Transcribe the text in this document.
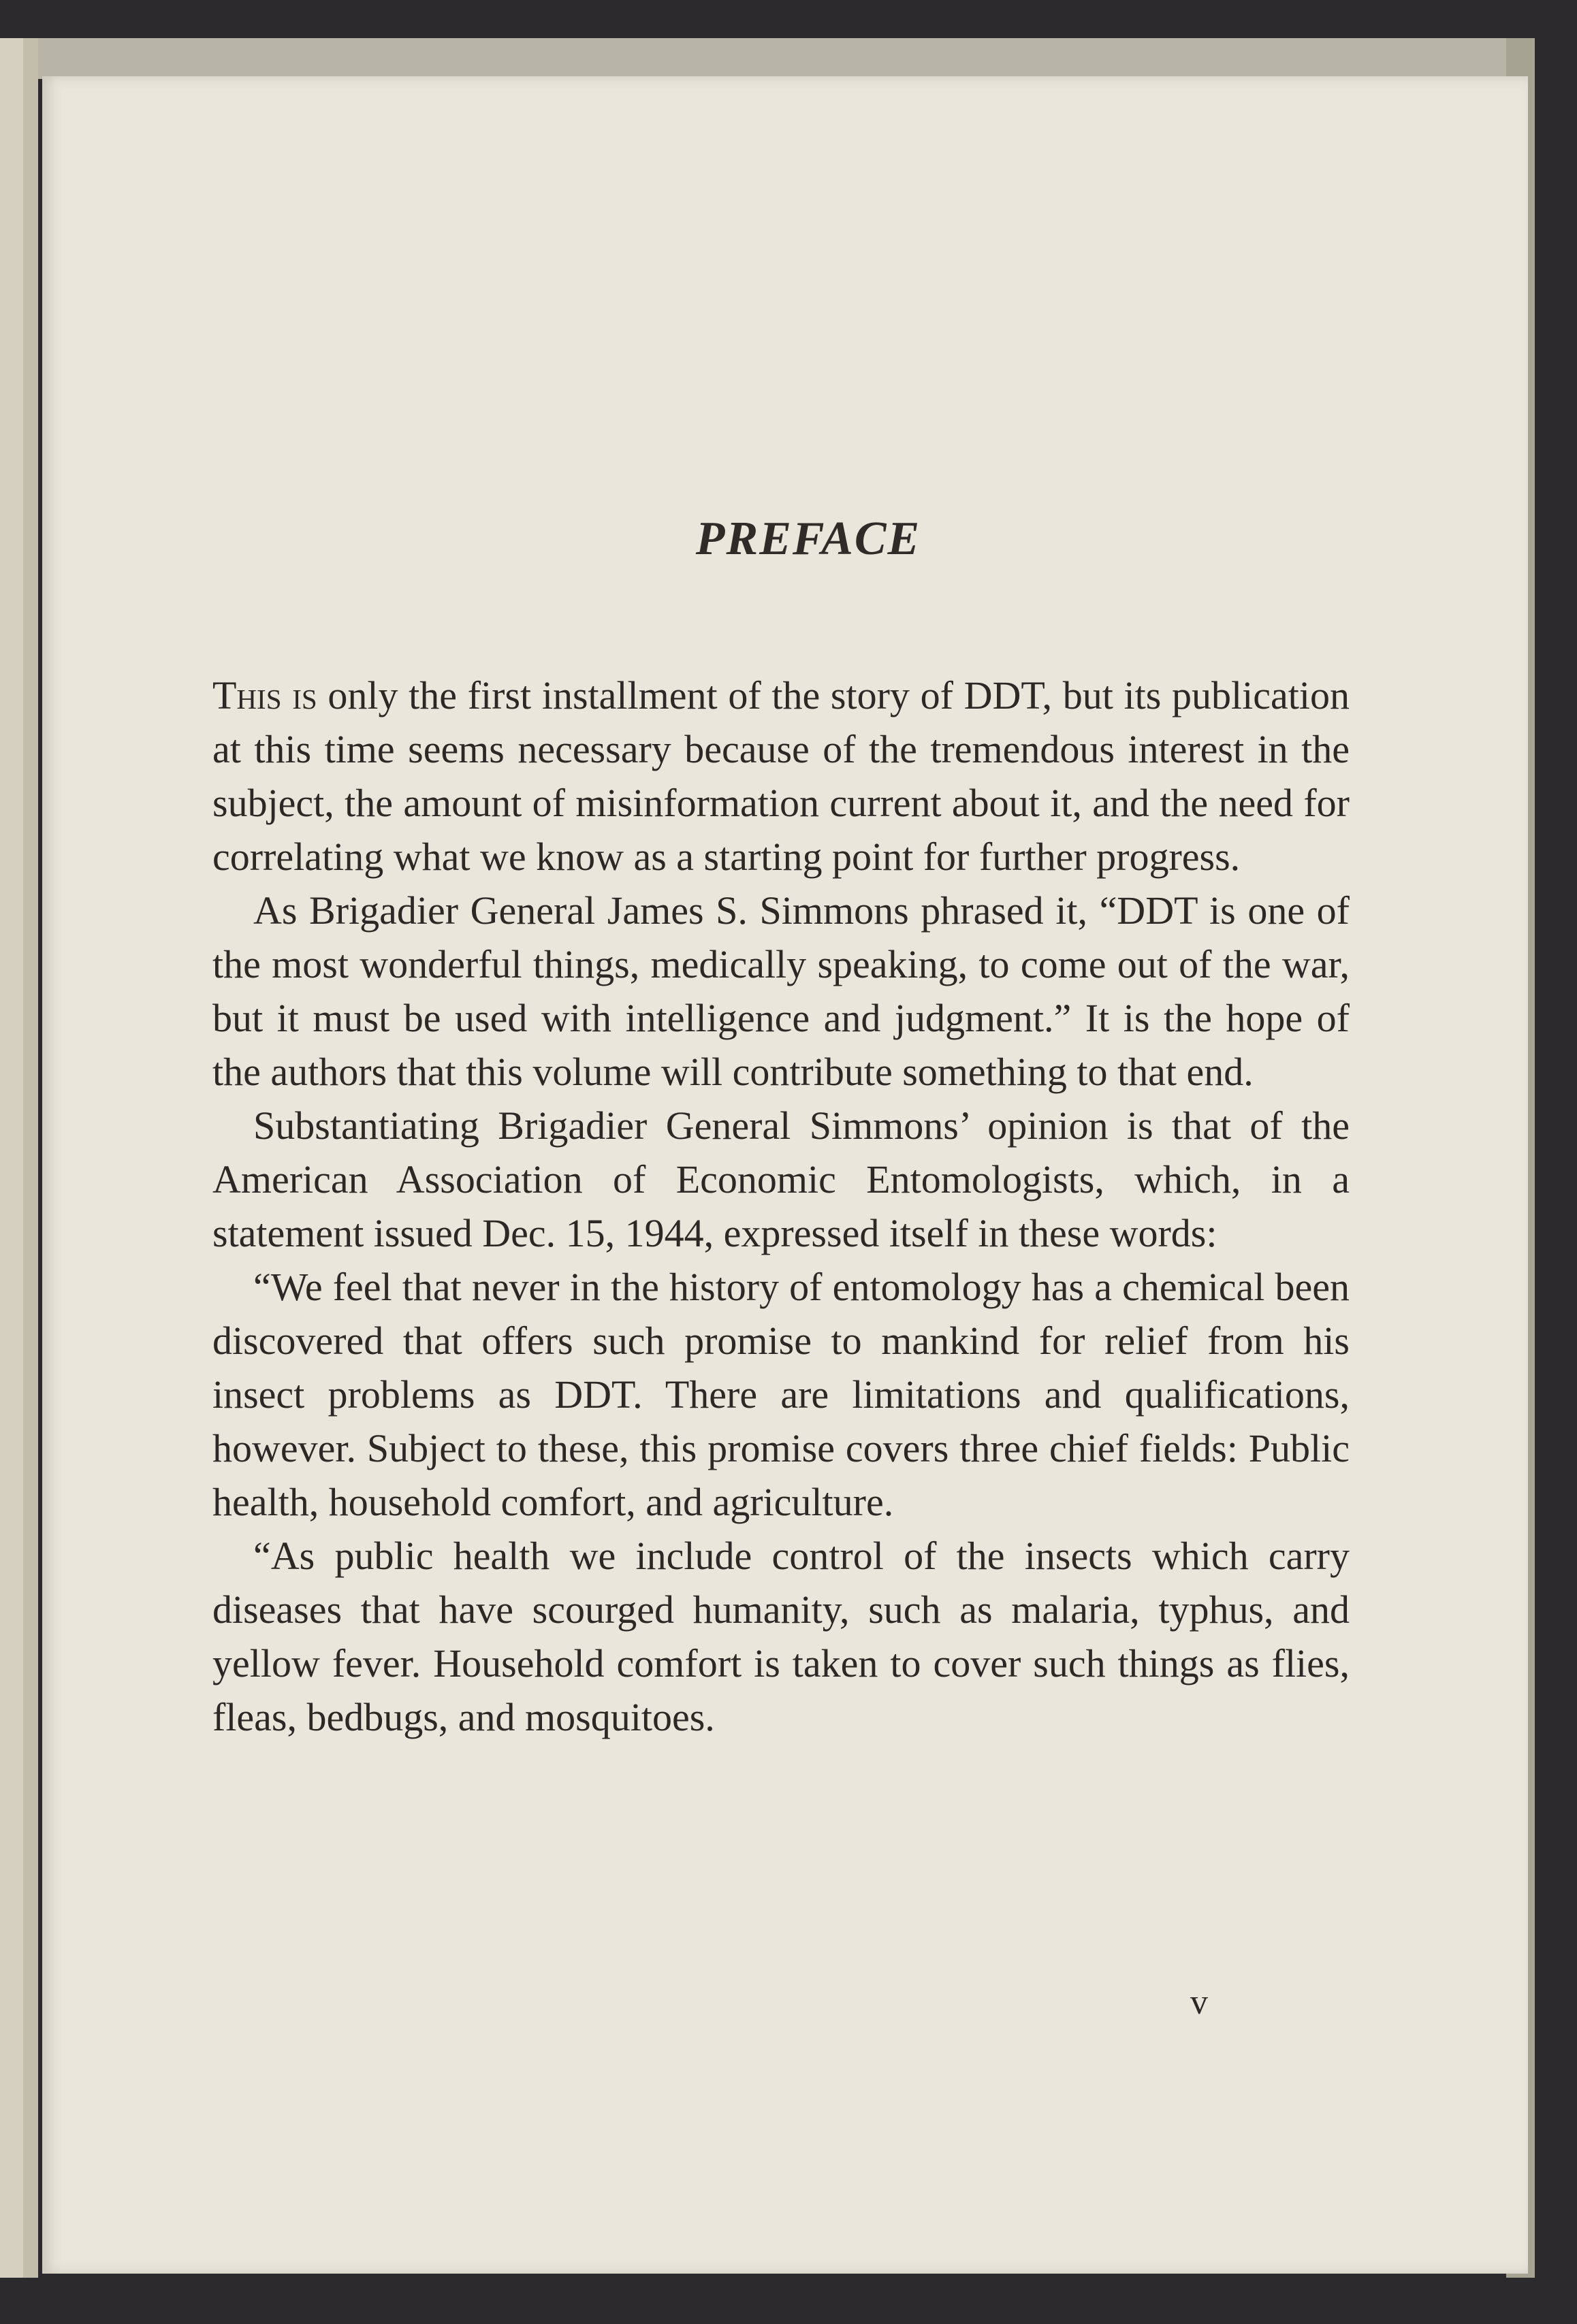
PREFACE

This is only the first installment of the story of DDT, but its publication at this time seems necessary because of the tremendous interest in the subject, the amount of misinformation current about it, and the need for correlating what we know as a starting point for further progress.

As Brigadier General James S. Simmons phrased it, “DDT is one of the most wonderful things, medically speaking, to come out of the war, but it must be used with intelligence and judgment.” It is the hope of the authors that this volume will contribute something to that end.

Substantiating Brigadier General Simmons’ opinion is that of the American Association of Economic Entomologists, which, in a statement issued Dec. 15, 1944, expressed itself in these words:

“We feel that never in the history of entomology has a chemical been discovered that offers such promise to mankind for relief from his insect problems as DDT. There are limitations and qualifications, however. Subject to these, this promise covers three chief fields: Public health, household comfort, and agriculture.

“As public health we include control of the insects which carry diseases that have scourged humanity, such as malaria, typhus, and yellow fever. Household comfort is taken to cover such things as flies, fleas, bedbugs, and mosquitoes.

v
